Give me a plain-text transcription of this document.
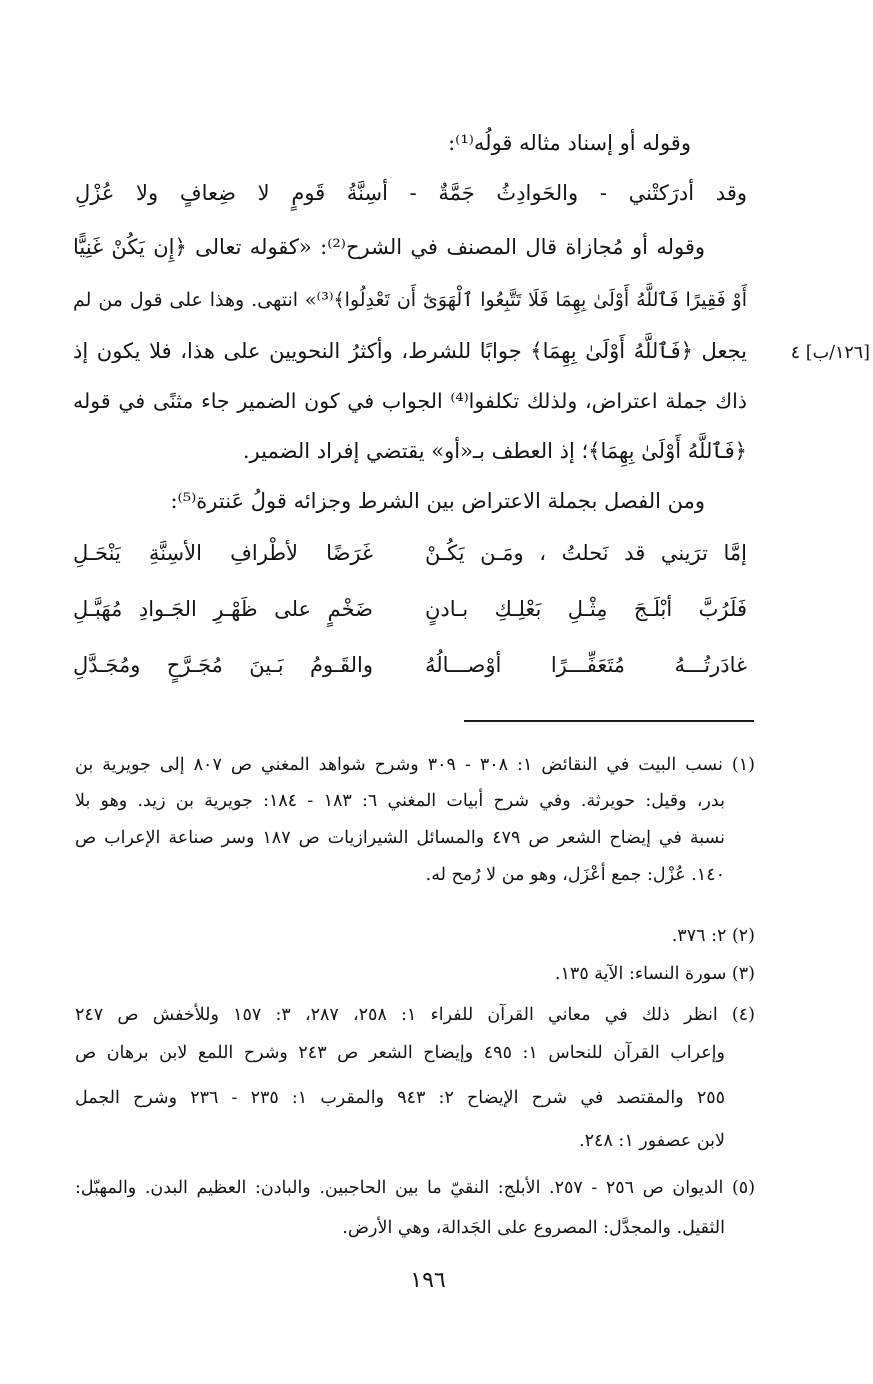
وقوله أو إسناد مثاله قولُه⁽¹⁾:
وقد أدرَكتْني - والحَوادِثُ جَمَّةٌ - أسِنَّةُ قَومٍ لا ضِعافٍ ولا عُزْلِ
وقوله أو مُجازاة قال المصنف في الشرح⁽²⁾: «كقوله تعالى ﴿إِن يَكُنْ غَنِيًّا
أَوْ فَقِيرًا فَٱللَّهُ أَوْلَىٰ بِهِمَا فَلَا تَتَّبِعُوا ٱلْهَوَىٰٓ أَن تَعْدِلُوا﴾⁽³⁾» انتهى. وهذا على قول من لم
يجعل ﴿فَٱللَّهُ أَوْلَىٰ بِهِمَا﴾ جوابًا للشرط، وأكثرُ النحويين على هذا، فلا يكون إذ
ذاك جملة اعتراض، ولذلك تكلفوا⁽⁴⁾ الجواب في كون الضمير جاء مثنًى في قوله
﴿فَٱللَّهُ أَوْلَىٰ بِهِمَا﴾؛ إذ العطف بـ«أو» يقتضي إفراد الضمير.
ومن الفصل بجملة الاعتراض بين الشرط وجزائه قولُ عَنترة⁽⁵⁾:
[١٢٦/ب] ٤
إمَّا ترَيني قد نَحلتُ ، ومَـن يَكُـنْ
غَرَضًا لأطْرافِ الأسِنَّةِ يَنْحَـلِ
فَلَرُبَّ أبْلَـجَ مِثْـلِ بَعْلِـكِ بـادنٍ
ضَخْمٍ على ظَهْـرِ الجَـوادِ مُهَبَّـلِ
غادَرتُـــهُ مُتَعَفِّـــرًا أوْصـــالُهُ
والقَـومُ بَـينَ مُجَـرَّحٍ ومُجَـدَّلِ
(١) نسب البيت في النقائض ١: ٣٠٨ - ٣٠٩ وشرح شواهد المغني ص ٨٠٧ إلى جويرية بن
بدر، وقيل: حويرثة. وفي شرح أبيات المغني ٦: ١٨٣ - ١٨٤: جويرية بن زيد. وهو بلا
نسبة في إيضاح الشعر ص ٤٧٩ والمسائل الشيرازيات ص ١٨٧ وسر صناعة الإعراب ص
١٤٠. عُزْل: جمع أعْزَل، وهو من لا رُمح له.
(٢) ٢: ٣٧٦.
(٣) سورة النساء: الآية ١٣٥.
(٤) انظر ذلك في معاني القرآن للفراء ١: ٢٥٨، ٢٨٧، ٣: ١٥٧ وللأخفش ص ٢٤٧
وإعراب القرآن للنحاس ١: ٤٩٥ وإيضاح الشعر ص ٢٤٣ وشرح اللمع لابن برهان ص
٢٥٥ والمقتصد في شرح الإيضاح ٢: ٩٤٣ والمقرب ١: ٢٣٥ - ٢٣٦ وشرح الجمل
لابن عصفور ١: ٢٤٨.
(٥) الديوان ص ٢٥٦ - ٢٥٧. الأبلج: النقيّ ما بين الحاجبين. والبادن: العظيم البدن. والمهبّل:
الثقيل. والمجدَّل: المصروع على الجَدالة، وهي الأرض.
١٩٦
